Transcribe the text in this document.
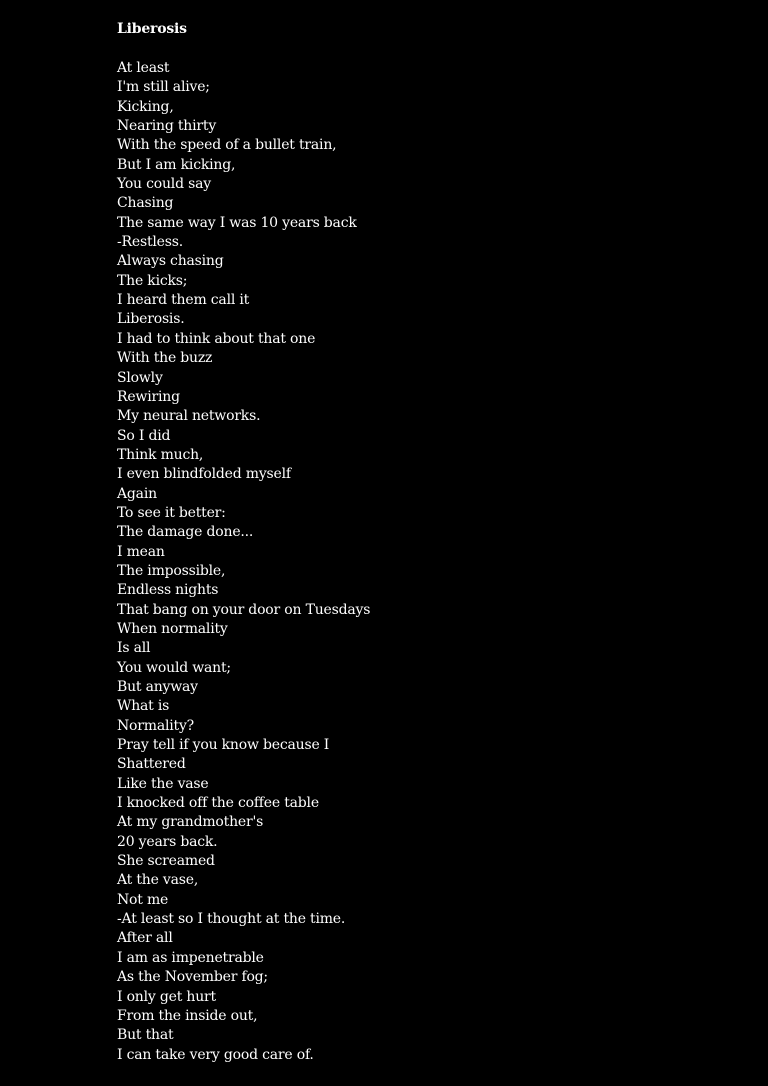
Liberosis
At least
I'm still alive;
Kicking,
Nearing thirty
With the speed of a bullet train,
But I am kicking,
You could say
Chasing
The same way I was 10 years back
-Restless.
Always chasing
The kicks;
I heard them call it
Liberosis.
I had to think about that one
With the buzz
Slowly
Rewiring
My neural networks.
So I did
Think much,
I even blindfolded myself
Again
To see it better:
The damage done...
I mean
The impossible,
Endless nights
That bang on your door on Tuesdays
When normality
Is all
You would want;
But anyway
What is
Normality?
Pray tell if you know because I
Shattered
Like the vase
I knocked off the coffee table
At my grandmother's
20 years back.
She screamed
At the vase,
Not me
-At least so I thought at the time.
After all
I am as impenetrable
As the November fog;
I only get hurt
From the inside out,
But that
I can take very good care of.
